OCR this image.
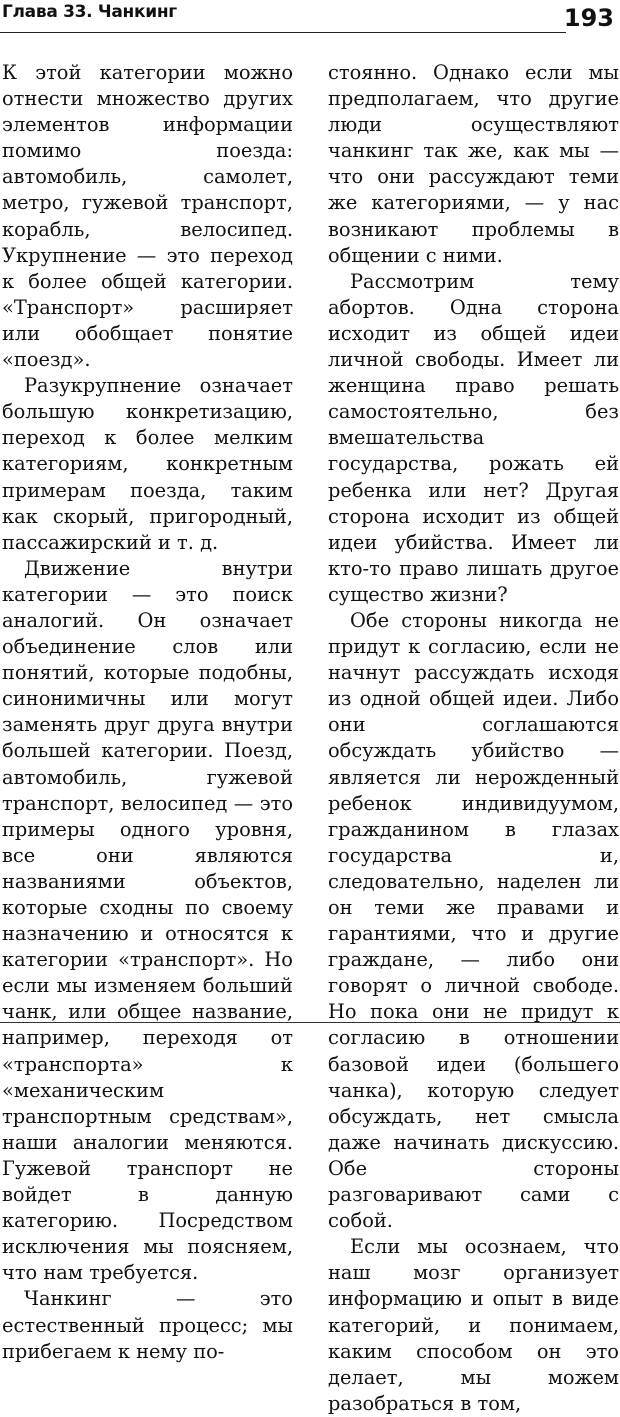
Глава 33. Чанкинг	193

К этой категории можно отнести множество других элементов информации помимо поезда: автомобиль, самолет, метро, гужевой транспорт, корабль, велосипед. Укрупнение — это переход к более общей категории. «Транспорт» расширяет или обобщает понятие «поезд».

Разукрупнение означает большую конкретизацию, переход к более мелким категориям, конкретным примерам поезда, таким как скорый, пригородный, пассажирский и т. д.

Движение внутри категории — это поиск аналогий. Он означает объединение слов или понятий, которые подобны, синонимичны или могут заменять друг друга внутри большей категории. Поезд, автомобиль, гужевой транспорт, велосипед — это примеры одного уровня, все они являются названиями объектов, которые сходны по своему назначению и относятся к категории «транспорт». Но если мы изменяем больший чанк, или общее название, например, переходя от «транспорта» к «механическим транспортным средствам», наши аналогии меняются. Гужевой транспорт не войдет в данную категорию. Посредством исключения мы поясняем, что нам требуется.

Чанкинг — это естественный процесс; мы прибегаем к нему по-

стоянно. Однако если мы предполагаем, что другие люди осуществляют чанкинг так же, как мы — что они рассуждают теми же категориями, — у нас возникают проблемы в общении с ними.

Рассмотрим тему абортов. Одна сторона исходит из общей идеи личной свободы. Имеет ли женщина право решать самостоятельно, без вмешательства государства, рожать ей ребенка или нет? Другая сторона исходит из общей идеи убийства. Имеет ли кто-то право лишать другое существо жизни?

Обе стороны никогда не придут к согласию, если не начнут рассуждать исходя из одной общей идеи. Либо они соглашаются обсуждать убийство — является ли нерожденный ребенок индивидуумом, гражданином в глазах государства и, следовательно, наделен ли он теми же правами и гарантиями, что и другие граждане, — либо они говорят о личной свободе. Но пока они не придут к согласию в отношении базовой идеи (большего чанка), которую следует обсуждать, нет смысла даже начинать дискуссию. Обе стороны разговаривают сами с собой.

Если мы осознаем, что наш мозг организует информацию и опыт в виде категорий, и понимаем, каким способом он это делает, мы можем разобраться в том,
